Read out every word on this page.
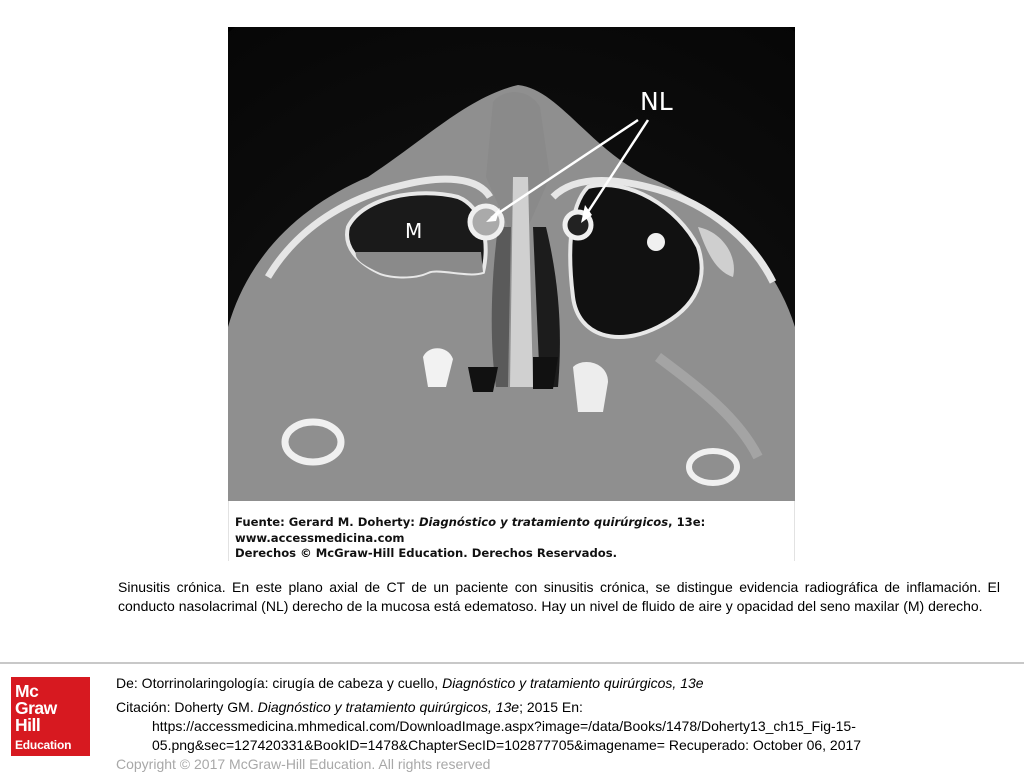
NL
M
Fuente: Gerard M. Doherty: Diagnóstico y tratamiento quirúrgicos, 13e:
www.accessmedicina.com
Derechos © McGraw-Hill Education. Derechos Reservados.
Sinusitis crónica. En este plano axial de CT de un paciente con sinusitis crónica, se distingue evidencia radiográfica de inflamación. El conducto nasolacrimal (NL) derecho de la mucosa está edematoso. Hay un nivel de fluido de aire y opacidad del seno maxilar (M) derecho.
Mc
Graw
Hill
Education
De: Otorrinolaringología: cirugía de cabeza y cuello, Diagnóstico y tratamiento quirúrgicos, 13e
Citación: Doherty GM. Diagnóstico y tratamiento quirúrgicos, 13e; 2015 En:
https://accessmedicina.mhmedical.com/DownloadImage.aspx?image=/data/Books/1478/Doherty13_ch15_Fig-15-
05.png&sec=127420331&BookID=1478&ChapterSecID=102877705&imagename= Recuperado: October 06, 2017
Copyright © 2017 McGraw-Hill Education. All rights reserved
